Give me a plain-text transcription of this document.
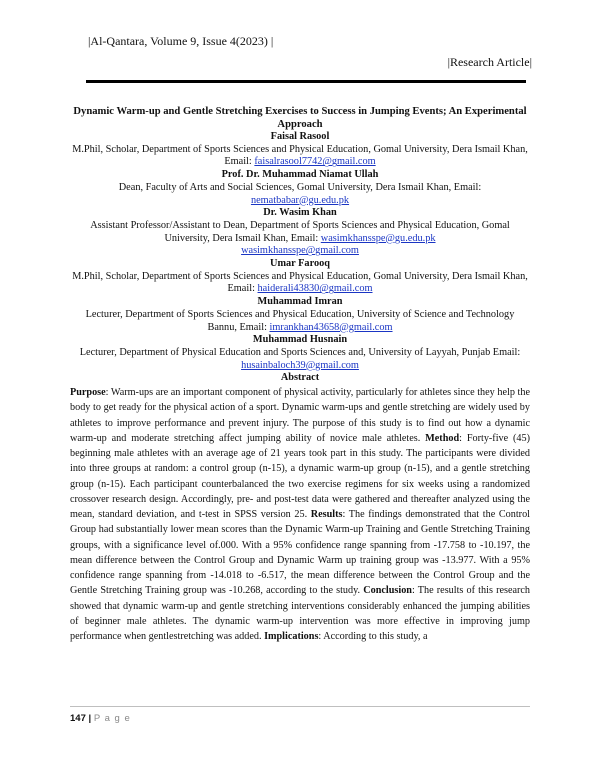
|Al-Qantara, Volume 9, Issue 4(2023) |
|Research Article|
Dynamic Warm-up and Gentle Stretching Exercises to Success in Jumping Events; An Experimental Approach
Faisal Rasool
M.Phil, Scholar, Department of Sports Sciences and Physical Education, Gomal University, Dera Ismail Khan, Email: faisalrasool7742@gmail.com
Prof. Dr. Muhammad Niamat Ullah
Dean, Faculty of Arts and Social Sciences, Gomal University, Dera Ismail Khan, Email: nematbabar@gu.edu.pk
Dr. Wasim Khan
Assistant Professor/Assistant to Dean, Department of Sports Sciences and Physical Education, Gomal University, Dera Ismail Khan, Email: wasimkhansspe@gu.edu.pk
wasimkhansspe@gmail.com
Umar Farooq
M.Phil, Scholar, Department of Sports Sciences and Physical Education, Gomal University, Dera Ismail Khan, Email: haiderali43830@gmail.com
Muhammad Imran
Lecturer, Department of Sports Sciences and Physical Education, University of Science and Technology Bannu, Email: imrankhan43658@gmail.com
Muhammad Husnain
Lecturer, Department of Physical Education and Sports Sciences and, University of Layyah, Punjab Email: husainbaloch39@gmail.com
Abstract
Purpose: Warm-ups are an important component of physical activity, particularly for athletes since they help the body to get ready for the physical action of a sport. Dynamic warm-ups and gentle stretching are widely used by athletes to improve performance and prevent injury. The purpose of this study is to find out how a dynamic warm-up and moderate stretching affect jumping ability of novice male athletes. Method: Forty-five (45) beginning male athletes with an average age of 21 years took part in this study. The participants were divided into three groups at random: a control group (n-15), a dynamic warm-up group (n-15), and a gentle stretching group (n-15). Each participant counterbalanced the two exercise regimens for six weeks using a randomized crossover research design. Accordingly, pre- and post-test data were gathered and thereafter analyzed using the mean, standard deviation, and t-test in SPSS version 25. Results: The findings demonstrated that the Control Group had substantially lower mean scores than the Dynamic Warm-up Training and Gentle Stretching Training groups, with a significance level of.000. With a 95% confidence range spanning from -17.758 to -10.197, the mean difference between the Control Group and Dynamic Warm up training group was -13.977. With a 95% confidence range spanning from -14.018 to -6.517, the mean difference between the Control Group and the Gentle Stretching Training group was -10.268, according to the study. Conclusion: The results of this research showed that dynamic warm-up and gentle stretching interventions considerably enhanced the jumping abilities of beginner male athletes. The dynamic warm-up intervention was more effective in improving jump performance when gentlestretching was added. Implications: According to this study, a
147 | P a g e
